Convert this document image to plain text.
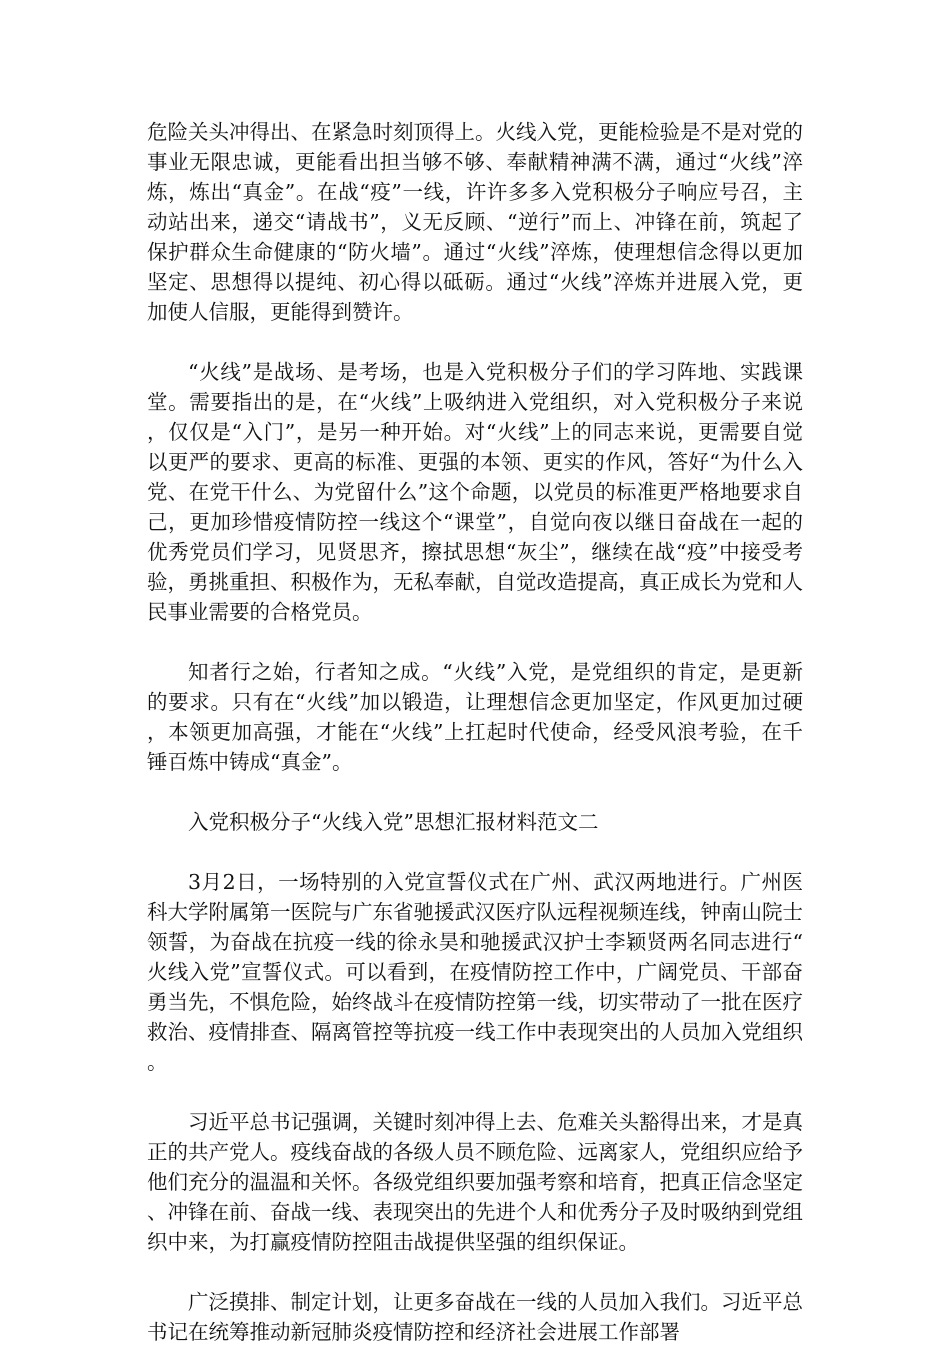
危险关头冲得出、在紧急时刻顶得上。火线入党，更能检验是不是对党的事业无限忠诚，更能看出担当够不够、奉献精神满不满，通过“火线”淬炼，炼出“真金”。在战“疫”一线，许许多多入党积极分子响应号召，主动站出来，递交“请战书”，义无反顾、“逆行”而上、冲锋在前，筑起了保护群众生命健康的“防火墙”。通过“火线”淬炼，使理想信念得以更加坚定、思想得以提纯、初心得以砥砺。通过“火线”淬炼并进展入党，更加使人信服，更能得到赞许。

“火线”是战场、是考场，也是入党积极分子们的学习阵地、实践课堂。需要指出的是，在“火线”上吸纳进入党组织，对入党积极分子来说，仅仅是“入门”，是另一种开始。对“火线”上的同志来说，更需要自觉以更严的要求、更高的标准、更强的本领、更实的作风，答好“为什么入党、在党干什么、为党留什么”这个命题，以党员的标准更严格地要求自己，更加珍惜疫情防控一线这个“课堂”，自觉向夜以继日奋战在一起的优秀党员们学习，见贤思齐，擦拭思想“灰尘”，继续在战“疫”中接受考验，勇挑重担、积极作为，无私奉献，自觉改造提高，真正成长为党和人民事业需要的合格党员。

知者行之始，行者知之成。“火线”入党，是党组织的肯定，是更新的要求。只有在“火线”加以锻造，让理想信念更加坚定，作风更加过硬，本领更加高强，才能在“火线”上扛起时代使命，经受风浪考验，在千锤百炼中铸成“真金”。

入党积极分子“火线入党”思想汇报材料范文二

3月2日，一场特别的入党宣誓仪式在广州、武汉两地进行。广州医科大学附属第一医院与广东省驰援武汉医疗队远程视频连线，钟南山院士领誓，为奋战在抗疫一线的徐永昊和驰援武汉护士李颖贤两名同志进行“火线入党”宣誓仪式。可以看到，在疫情防控工作中，广阔党员、干部奋勇当先，不惧危险，始终战斗在疫情防控第一线，切实带动了一批在医疗救治、疫情排查、隔离管控等抗疫一线工作中表现突出的人员加入党组织。

习近平总书记强调，关键时刻冲得上去、危难关头豁得出来，才是真正的共产党人。疫线奋战的各级人员不顾危险、远离家人，党组织应给予他们充分的温温和关怀。各级党组织要加强考察和培育，把真正信念坚定、冲锋在前、奋战一线、表现突出的先进个人和优秀分子及时吸纳到党组织中来，为打赢疫情防控阻击战提供坚强的组织保证。

广泛摸排、制定计划，让更多奋战在一线的人员加入我们。习近平总书记在统筹推动新冠肺炎疫情防控和经济社会进展工作部署
